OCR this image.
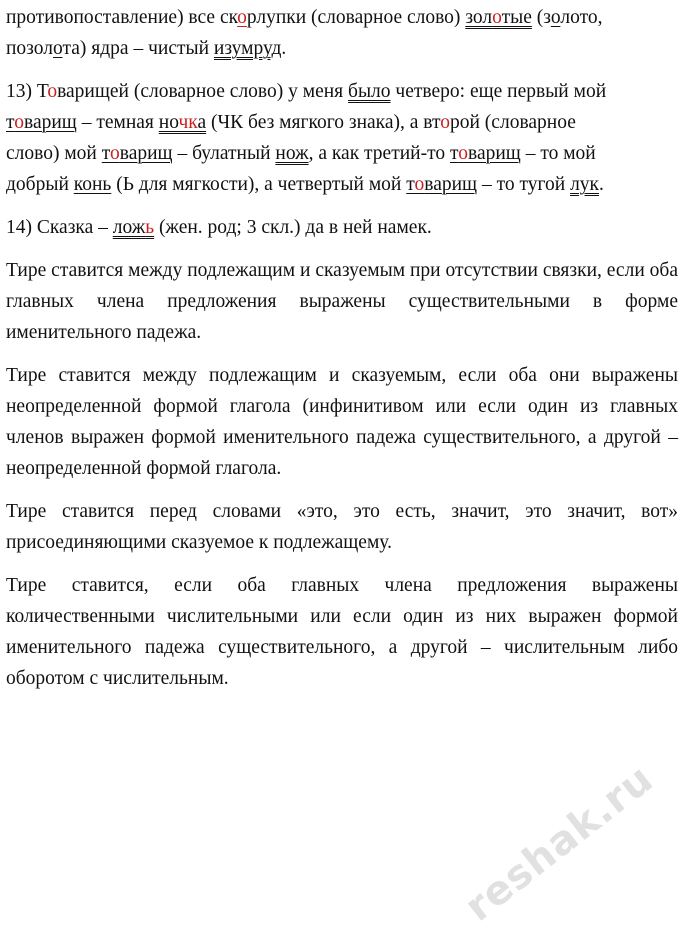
противопоставление) все скорлупки (словарное слово) золотые (золото,

позолота) ядра – чистый изумруд.

13) Товарищей (словарное слово) у меня было четверо: еще первый мой

товарищ – темная ночка (ЧК без мягкого знака), а второй (словарное

слово) мой товарищ – булатный нож, а как третий-то товарищ – то мой

добрый конь (Ь для мягкости), а четвертый мой товарищ – то тугой лук.

14) Сказка – ложь (жен. род; 3 скл.) да в ней намек.

Тире ставится между подлежащим и сказуемым при отсутствии связки, если оба главных члена предложения выражены существительными в форме именительного падежа.

Тире ставится между подлежащим и сказуемым, если оба они выражены неопределенной формой глагола (инфинитивом или если один из главных членов выражен формой именительного падежа существительного, а другой – неопределенной формой глагола.

Тире ставится перед словами «это, это есть, значит, это значит, вот» присоединяющими сказуемое к подлежащему.

Тире ставится, если оба главных члена предложения выражены количественными числительными или если один из них выражен формой именительного падежа существительного, а другой – числительным либо оборотом с числительным.

reshak.ru
